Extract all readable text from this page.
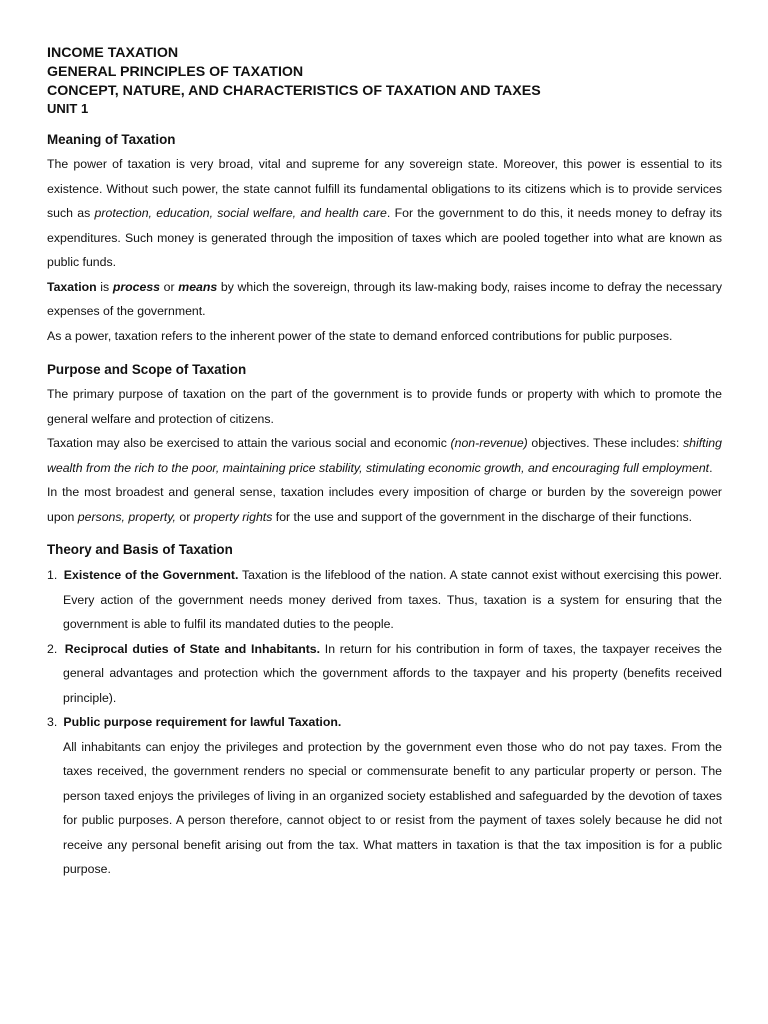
INCOME TAXATION

GENERAL PRINCIPLES OF TAXATION

CONCEPT, NATURE, AND CHARACTERISTICS OF TAXATION AND TAXES

UNIT 1

Meaning of Taxation

The power of taxation is very broad, vital and supreme for any sovereign state. Moreover, this power is essential to its existence. Without such power, the state cannot fulfill its fundamental obligations to its citizens which is to provide services such as protection, education, social welfare, and health care. For the government to do this, it needs money to defray its expenditures. Such money is generated through the imposition of taxes which are pooled together into what are known as public funds.

Taxation is process or means by which the sovereign, through its law-making body, raises income to defray the necessary expenses of the government.

As a power, taxation refers to the inherent power of the state to demand enforced contributions for public purposes.

Purpose and Scope of Taxation

The primary purpose of taxation on the part of the government is to provide funds or property with which to promote the general welfare and protection of citizens.

Taxation may also be exercised to attain the various social and economic (non-revenue) objectives. These includes: shifting wealth from the rich to the poor, maintaining price stability, stimulating economic growth, and encouraging full employment.

In the most broadest and general sense, taxation includes every imposition of charge or burden by the sovereign power upon persons, property, or property rights for the use and support of the government in the discharge of their functions.

Theory and Basis of Taxation
1. Existence of the Government. Taxation is the lifeblood of the nation. A state cannot exist without exercising this power. Every action of the government needs money derived from taxes. Thus, taxation is a system for ensuring that the government is able to fulfil its mandated duties to the people.
2. Reciprocal duties of State and Inhabitants. In return for his contribution in form of taxes, the taxpayer receives the general advantages and protection which the government affords to the taxpayer and his property (benefits received principle).
3. Public purpose requirement for lawful Taxation.

All inhabitants can enjoy the privileges and protection by the government even those who do not pay taxes. From the taxes received, the government renders no special or commensurate benefit to any particular property or person. The person taxed enjoys the privileges of living in an organized society established and safeguarded by the devotion of taxes for public purposes. A person therefore, cannot object to or resist from the payment of taxes solely because he did not receive any personal benefit arising out from the tax. What matters in taxation is that the tax imposition is for a public purpose.
